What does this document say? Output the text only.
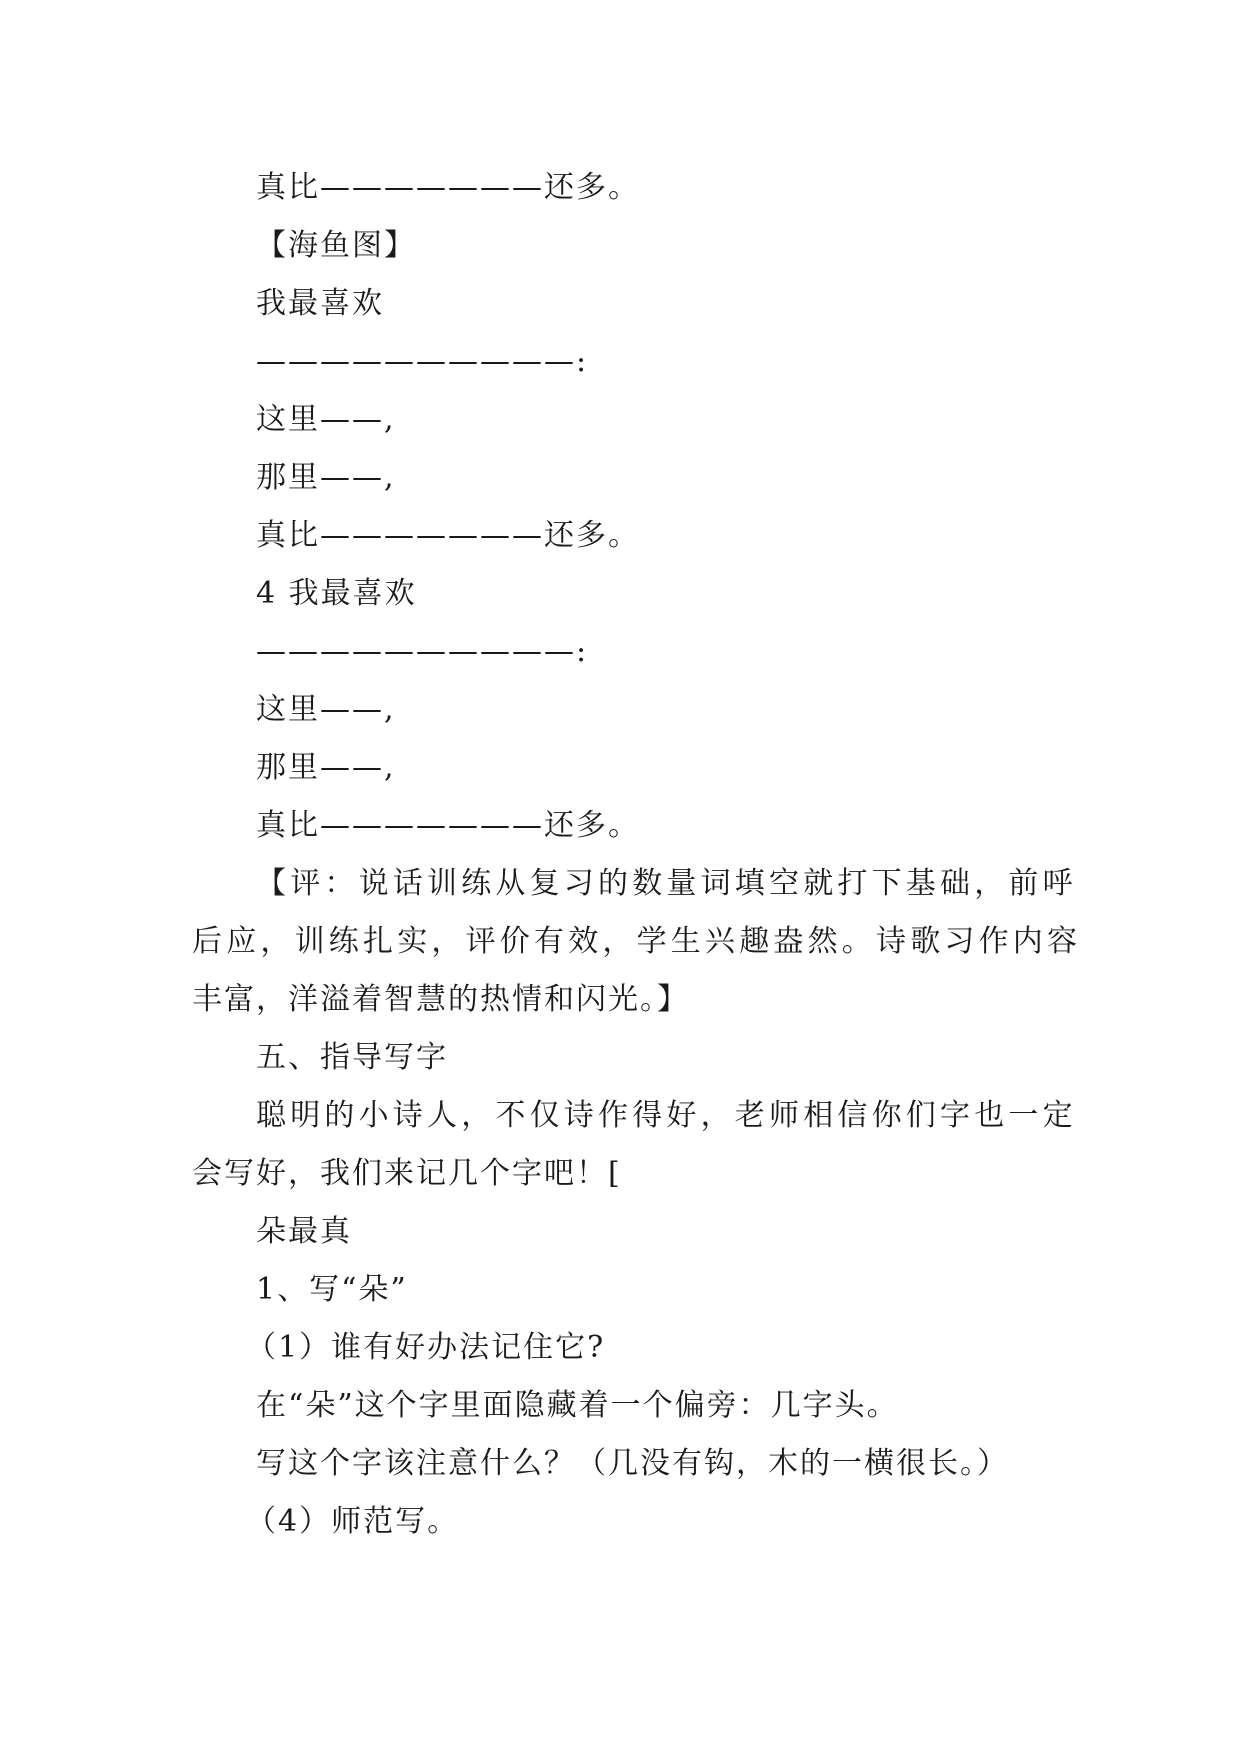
真比———————还多。
【海鱼图】
我最喜欢
——————————:
这里——,
那里——,
真比———————还多。
4 我最喜欢
——————————:
这里——,
那里——,
真比———————还多。
【评：说话训练从复习的数量词填空就打下基础，前呼
后应，训练扎实，评价有效，学生兴趣盎然。诗歌习作内容
丰富，洋溢着智慧的热情和闪光。】
五、指导写字
聪明的小诗人，不仅诗作得好，老师相信你们字也一定
会写好，我们来记几个字吧！[
朵最真
1、写“朵”
（1）谁有好办法记住它?
在“朵”这个字里面隐藏着一个偏旁：几字头。
写这个字该注意什么？（几没有钩，木的一横很长。）
（4）师范写。
